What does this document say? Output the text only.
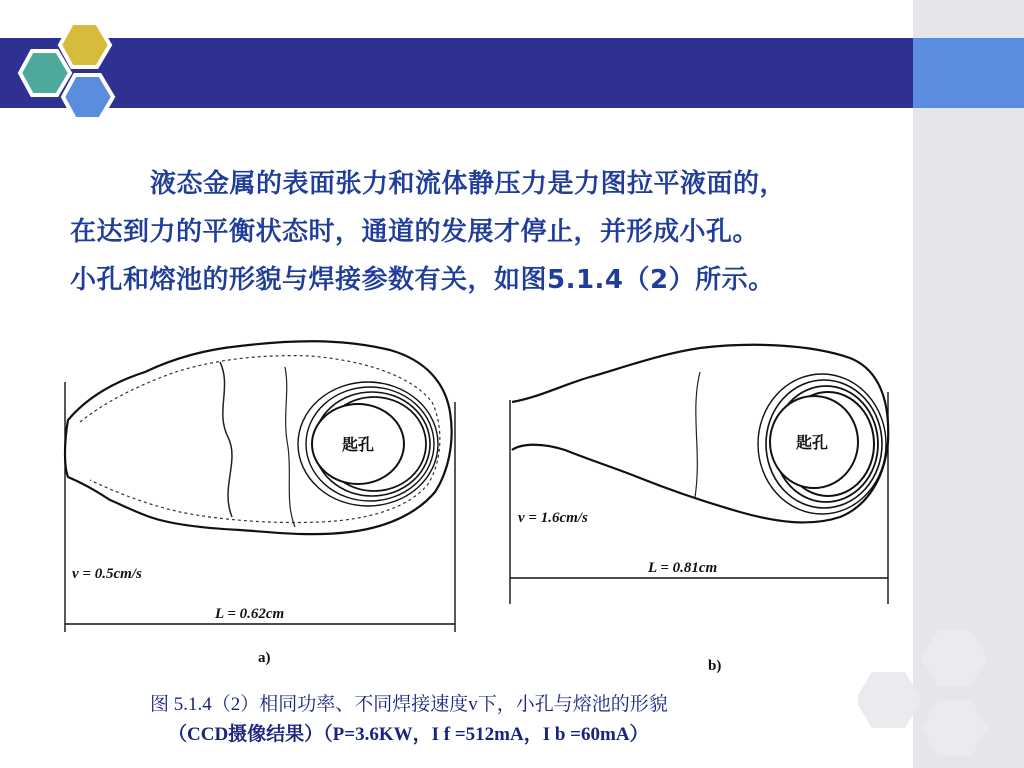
液态金属的表面张力和流体静压力是力图拉平液面的，
在达到力的平衡状态时，通道的发展才停止，并形成小孔。
小孔和熔池的形貌与焊接参数有关，如图5.1.4（2）所示。
匙孔
v = 0.5cm/s
L = 0.62cm
a)
匙孔
v = 1.6cm/s
L = 0.81cm
b)
图 5.1.4（2）相同功率、不同焊接速度v下，小孔与熔池的形貌
（CCD摄像结果）（P=3.6KW，I f =512mA，I b =60mA）
